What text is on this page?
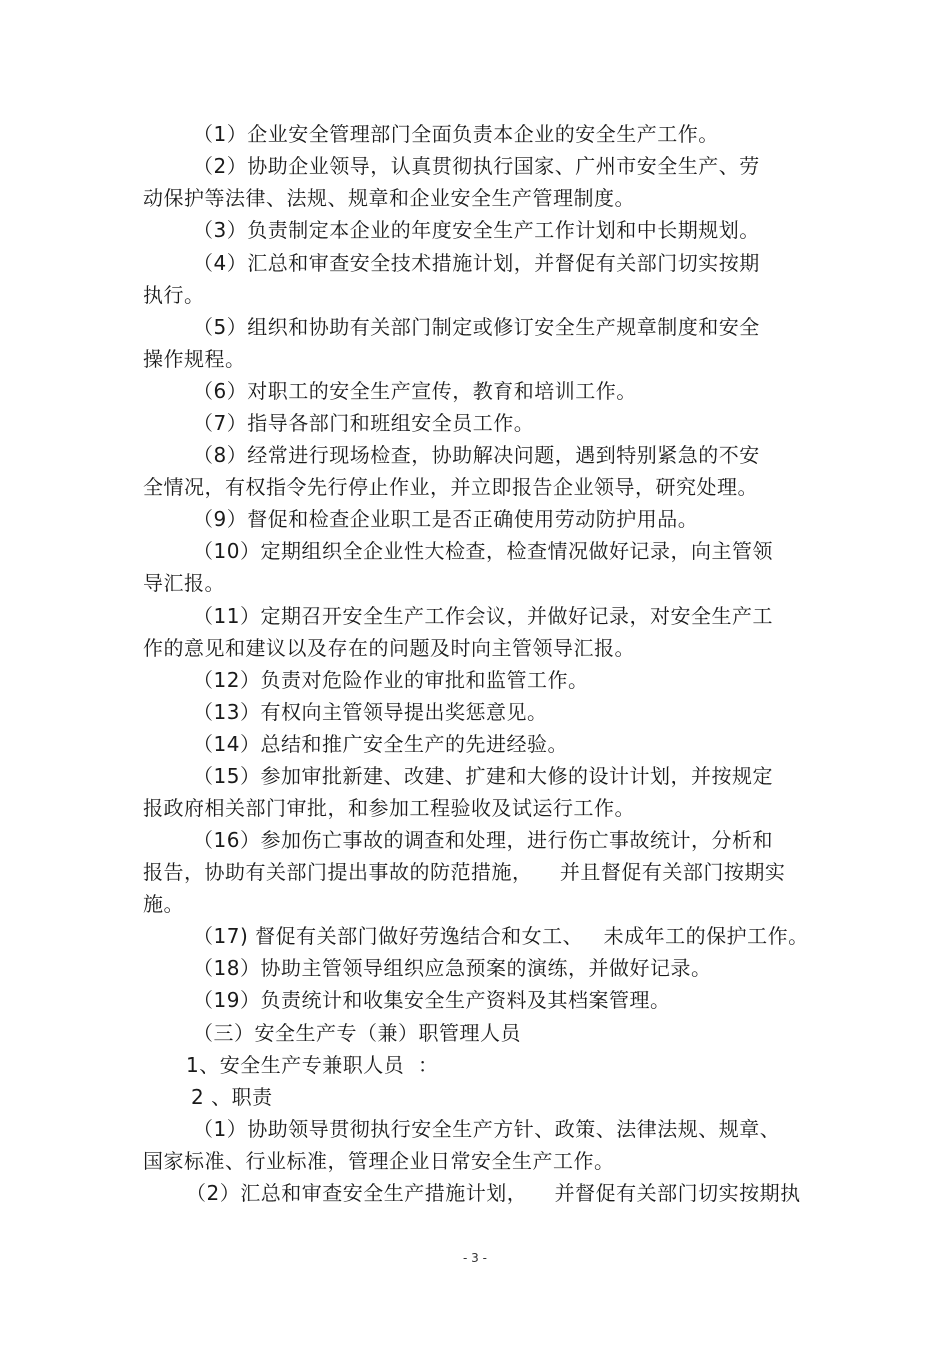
（1）企业安全管理部门全面负责本企业的安全生产工作。
（2）协助企业领导，认真贯彻执行国家、广州市安全生产、劳
动保护等法律、法规、规章和企业安全生产管理制度。
（3）负责制定本企业的年度安全生产工作计划和中长期规划。
（4）汇总和审查安全技术措施计划，并督促有关部门切实按期
执行。
（5）组织和协助有关部门制定或修订安全生产规章制度和安全
操作规程。
（6）对职工的安全生产宣传，教育和培训工作。
（7）指导各部门和班组安全员工作。
（8）经常进行现场检查，协助解决问题，遇到特别紧急的不安
全情况，有权指令先行停止作业，并立即报告企业领导，研究处理。
（9）督促和检查企业职工是否正确使用劳动防护用品。
（10）定期组织全企业性大检查，检查情况做好记录，向主管领
导汇报。
（11）定期召开安全生产工作会议，并做好记录，对安全生产工
作的意见和建议以及存在的问题及时向主管领导汇报。
（12）负责对危险作业的审批和监管工作。
（13）有权向主管领导提出奖惩意见。
（14）总结和推广安全生产的先进经验。
（15）参加审批新建、改建、扩建和大修的设计计划，并按规定
报政府相关部门审批，和参加工程验收及试运行工作。
（16）参加伤亡事故的调查和处理，进行伤亡事故统计，分析和
报告，协助有关部门提出事故的防范措施，    并且督促有关部门按期实
施。
（17) 督促有关部门做好劳逸结合和女工、   未成年工的保护工作。
（18）协助主管领导组织应急预案的演练，并做好记录。
（19）负责统计和收集安全生产资料及其档案管理。
（三）安全生产专（兼）职管理人员
1、安全生产专兼职人员  ：
2 、职责
（1）协助领导贯彻执行安全生产方针、政策、法律法规、规章、
国家标准、行业标准，管理企业日常安全生产工作。
（2）汇总和审查安全生产措施计划，    并督促有关部门切实按期执
- 3 -
